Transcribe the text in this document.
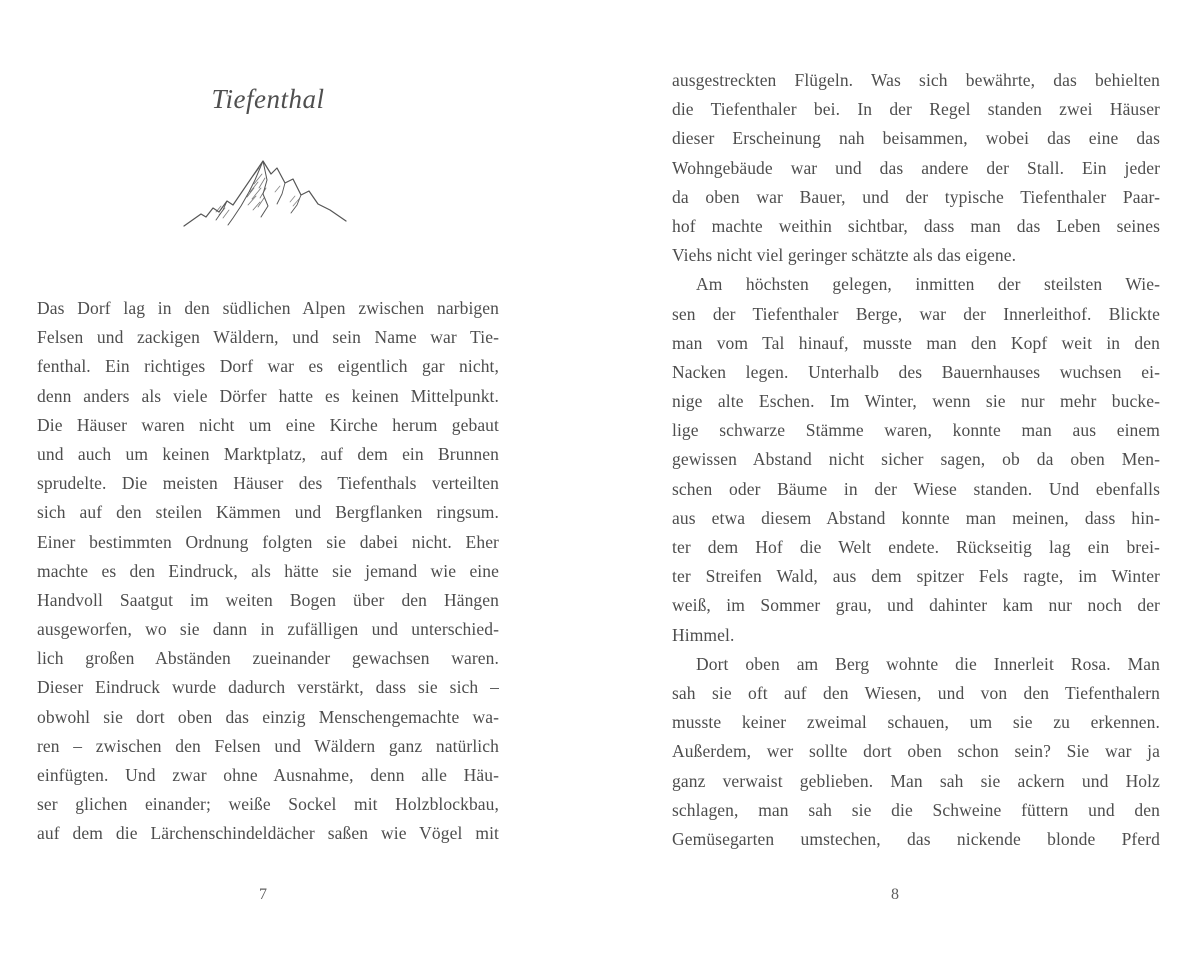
Tiefenthal
Das Dorf lag in den südlichen Alpen zwischen narbigen
Felsen und zackigen Wäldern, und sein Name war Tie-
fenthal. Ein richtiges Dorf war es eigentlich gar nicht,
denn anders als viele Dörfer hatte es keinen Mittelpunkt.
Die Häuser waren nicht um eine Kirche herum gebaut
und auch um keinen Marktplatz, auf dem ein Brunnen
sprudelte. Die meisten Häuser des Tiefenthals verteilten
sich auf den steilen Kämmen und Bergflanken ringsum.
Einer bestimmten Ordnung folgten sie dabei nicht. Eher
machte es den Eindruck, als hätte sie jemand wie eine
Handvoll Saatgut im weiten Bogen über den Hängen
ausgeworfen, wo sie dann in zufälligen und unterschied-
lich großen Abständen zueinander gewachsen waren.
Dieser Eindruck wurde dadurch verstärkt, dass sie sich –
obwohl sie dort oben das einzig Menschengemachte wa-
ren – zwischen den Felsen und Wäldern ganz natürlich
einfügten. Und zwar ohne Ausnahme, denn alle Häu-
ser glichen einander; weiße Sockel mit Holzblockbau,
auf dem die Lärchenschindeldächer saßen wie Vögel mit
7
ausgestreckten Flügeln. Was sich bewährte, das behielten
die Tiefenthaler bei. In der Regel standen zwei Häuser
dieser Erscheinung nah beisammen, wobei das eine das
Wohngebäude war und das andere der Stall. Ein jeder
da oben war Bauer, und der typische Tiefenthaler Paar-
hof machte weithin sichtbar, dass man das Leben seines
Viehs nicht viel geringer schätzte als das eigene.
Am höchsten gelegen, inmitten der steilsten Wie-
sen der Tiefenthaler Berge, war der Innerleithof. Blickte
man vom Tal hinauf, musste man den Kopf weit in den
Nacken legen. Unterhalb des Bauernhauses wuchsen ei-
nige alte Eschen. Im Winter, wenn sie nur mehr bucke-
lige schwarze Stämme waren, konnte man aus einem
gewissen Abstand nicht sicher sagen, ob da oben Men-
schen oder Bäume in der Wiese standen. Und ebenfalls
aus etwa diesem Abstand konnte man meinen, dass hin-
ter dem Hof die Welt endete. Rückseitig lag ein brei-
ter Streifen Wald, aus dem spitzer Fels ragte, im Winter
weiß, im Sommer grau, und dahinter kam nur noch der
Himmel.
Dort oben am Berg wohnte die Innerleit Rosa. Man
sah sie oft auf den Wiesen, und von den Tiefenthalern
musste keiner zweimal schauen, um sie zu erkennen.
Außerdem, wer sollte dort oben schon sein? Sie war ja
ganz verwaist geblieben. Man sah sie ackern und Holz
schlagen, man sah sie die Schweine füttern und den
Gemüsegarten umstechen, das nickende blonde Pferd
8
